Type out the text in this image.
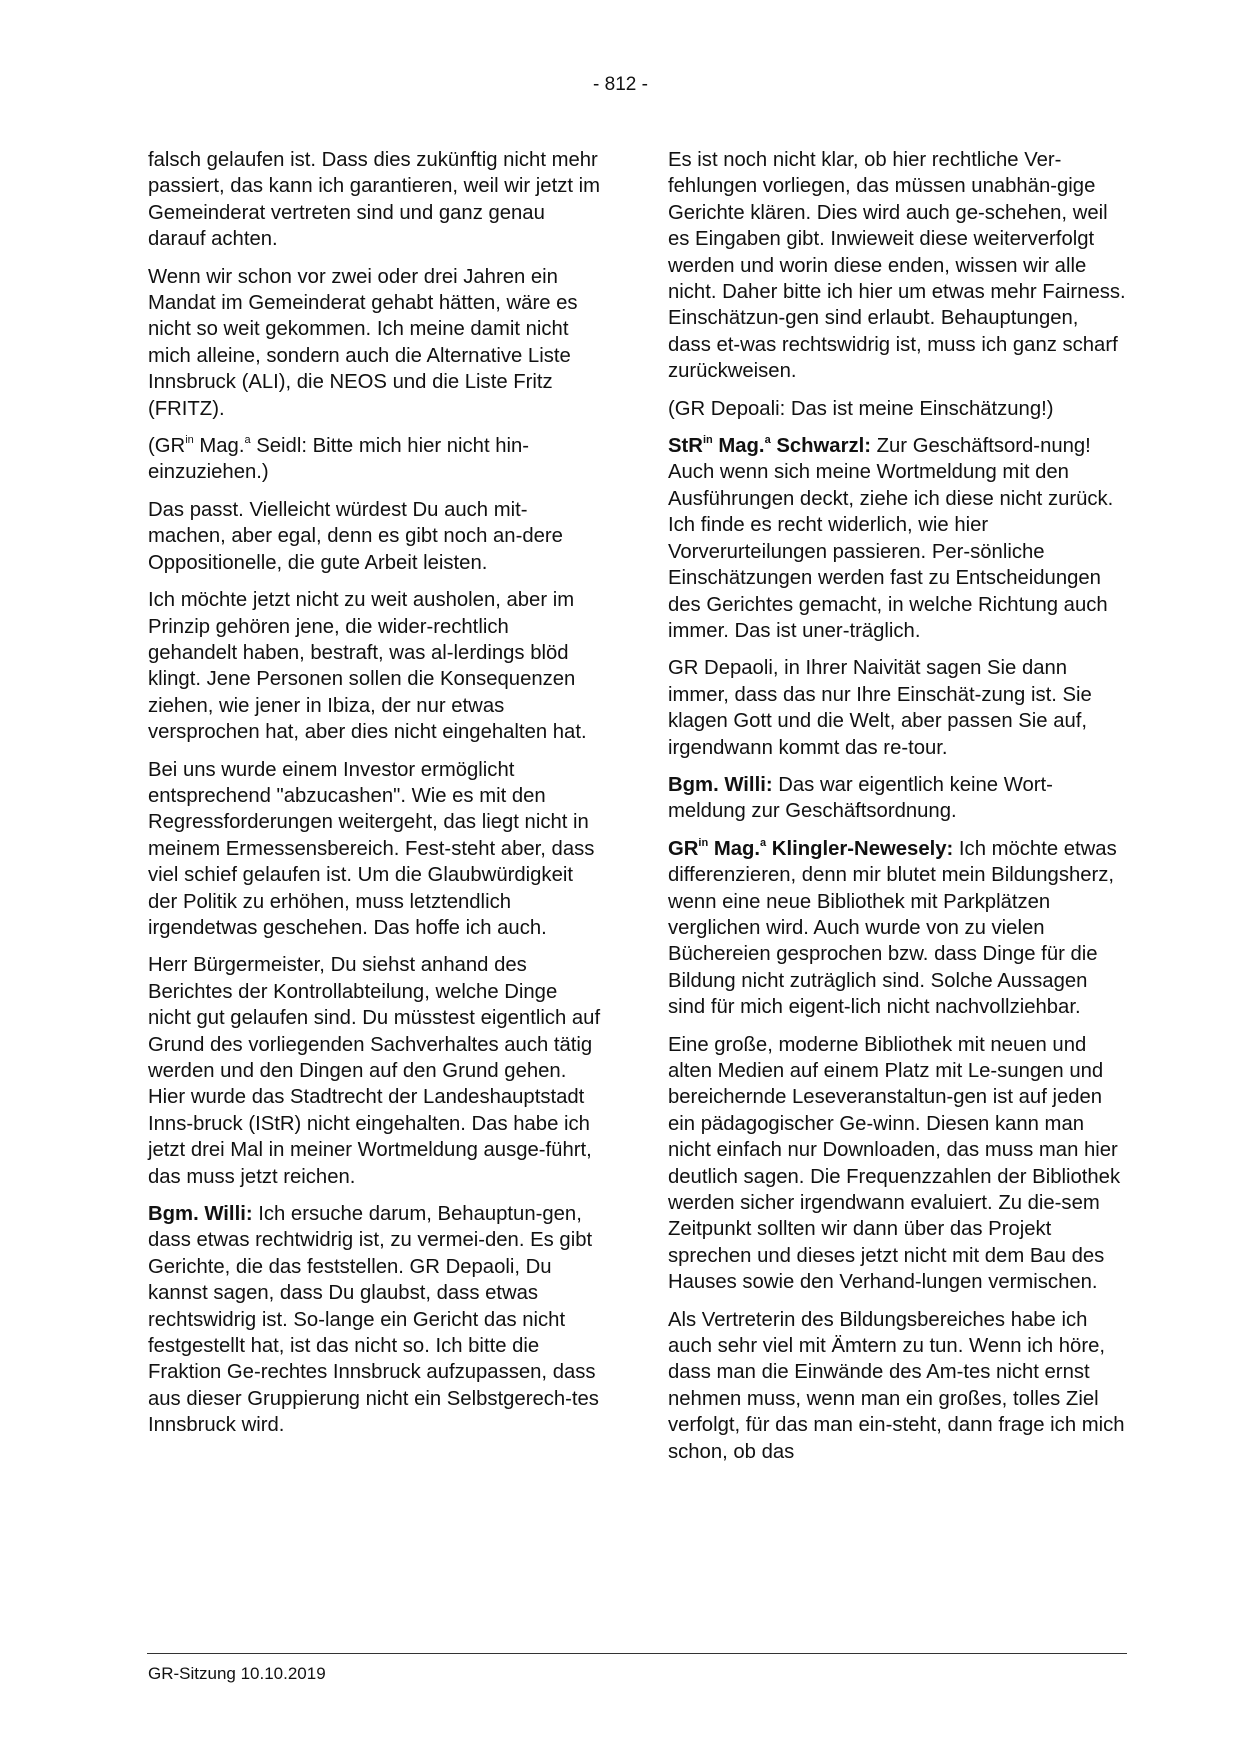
- 812 -

falsch gelaufen ist. Dass dies zukünftig nicht mehr passiert, das kann ich garantieren, weil wir jetzt im Gemeinderat vertreten sind und ganz genau darauf achten.

Wenn wir schon vor zwei oder drei Jahren ein Mandat im Gemeinderat gehabt hätten, wäre es nicht so weit gekommen. Ich meine damit nicht mich alleine, sondern auch die Alternative Liste Innsbruck (ALI), die NEOS und die Liste Fritz (FRITZ).

($GR^{in}$ Mag.$^a$ Seidl: Bitte mich hier nicht hin-einzuziehen.)

Das passt. Vielleicht würdest Du auch mit-machen, aber egal, denn es gibt noch an-dere Oppositionelle, die gute Arbeit leisten.

Ich möchte jetzt nicht zu weit ausholen, aber im Prinzip gehören jene, die wider-rechtlich gehandelt haben, bestraft, was al-lerdings blöd klingt. Jene Personen sollen die Konsequenzen ziehen, wie jener in Ibiza, der nur etwas versprochen hat, aber dies nicht eingehalten hat.

Bei uns wurde einem Investor ermöglicht entsprechend "abzucashen". Wie es mit den Regressforderungen weitergeht, das liegt nicht in meinem Ermessensbereich. Fest-steht aber, dass viel schief gelaufen ist. Um die Glaubwürdigkeit der Politik zu erhöhen, muss letztendlich irgendetwas geschehen. Das hoffe ich auch.

Herr Bürgermeister, Du siehst anhand des Berichtes der Kontrollabteilung, welche Dinge nicht gut gelaufen sind. Du müsstest eigentlich auf Grund des vorliegenden Sachverhaltes auch tätig werden und den Dingen auf den Grund gehen. Hier wurde das Stadtrecht der Landeshauptstadt Inns-bruck (IStR) nicht eingehalten. Das habe ich jetzt drei Mal in meiner Wortmeldung ausge-führt, das muss jetzt reichen.

Bgm. Willi: Ich ersuche darum, Behauptun-gen, dass etwas rechtwidrig ist, zu vermei-den. Es gibt Gerichte, die das feststellen. GR Depaoli, Du kannst sagen, dass Du glaubst, dass etwas rechtswidrig ist. So-lange ein Gericht das nicht festgestellt hat, ist das nicht so. Ich bitte die Fraktion Ge-rechtes Innsbruck aufzupassen, dass aus dieser Gruppierung nicht ein Selbstgerech-tes Innsbruck wird.

Es ist noch nicht klar, ob hier rechtliche Ver-fehlungen vorliegen, das müssen unabhän-gige Gerichte klären. Dies wird auch ge-schehen, weil es Eingaben gibt. Inwieweit diese weiterverfolgt werden und worin diese enden, wissen wir alle nicht. Daher bitte ich hier um etwas mehr Fairness. Einschätzun-gen sind erlaubt. Behauptungen, dass et-was rechtswidrig ist, muss ich ganz scharf zurückweisen.

(GR Depoali: Das ist meine Einschätzung!)

StR$^{in}$ Mag.$^a$ Schwarzl: Zur Geschäftsord-nung! Auch wenn sich meine Wortmeldung mit den Ausführungen deckt, ziehe ich diese nicht zurück. Ich finde es recht widerlich, wie hier Vorverurteilungen passieren. Per-sönliche Einschätzungen werden fast zu Entscheidungen des Gerichtes gemacht, in welche Richtung auch immer. Das ist uner-träglich.

GR Depaoli, in Ihrer Naivität sagen Sie dann immer, dass das nur Ihre Einschät-zung ist. Sie klagen Gott und die Welt, aber passen Sie auf, irgendwann kommt das re-tour.

Bgm. Willi: Das war eigentlich keine Wort-meldung zur Geschäftsordnung.

$GR^{in}$ Mag.$^a$ Klingler-Newesely: Ich möchte etwas differenzieren, denn mir blutet mein Bildungsherz, wenn eine neue Bibliothek mit Parkplätzen verglichen wird. Auch wurde von zu vielen Büchereien gesprochen bzw. dass Dinge für die Bildung nicht zuträglich sind. Solche Aussagen sind für mich eigent-lich nicht nachvollziehbar.

Eine große, moderne Bibliothek mit neuen und alten Medien auf einem Platz mit Le-sungen und bereichernde Leseveranstaltun-gen ist auf jeden ein pädagogischer Ge-winn. Diesen kann man nicht einfach nur Downloaden, das muss man hier deutlich sagen. Die Frequenzzahlen der Bibliothek werden sicher irgendwann evaluiert. Zu die-sem Zeitpunkt sollten wir dann über das Projekt sprechen und dieses jetzt nicht mit dem Bau des Hauses sowie den Verhand-lungen vermischen.

Als Vertreterin des Bildungsbereiches habe ich auch sehr viel mit Ämtern zu tun. Wenn ich höre, dass man die Einwände des Am-tes nicht ernst nehmen muss, wenn man ein großes, tolles Ziel verfolgt, für das man ein-steht, dann frage ich mich schon, ob das

GR-Sitzung 10.10.2019
